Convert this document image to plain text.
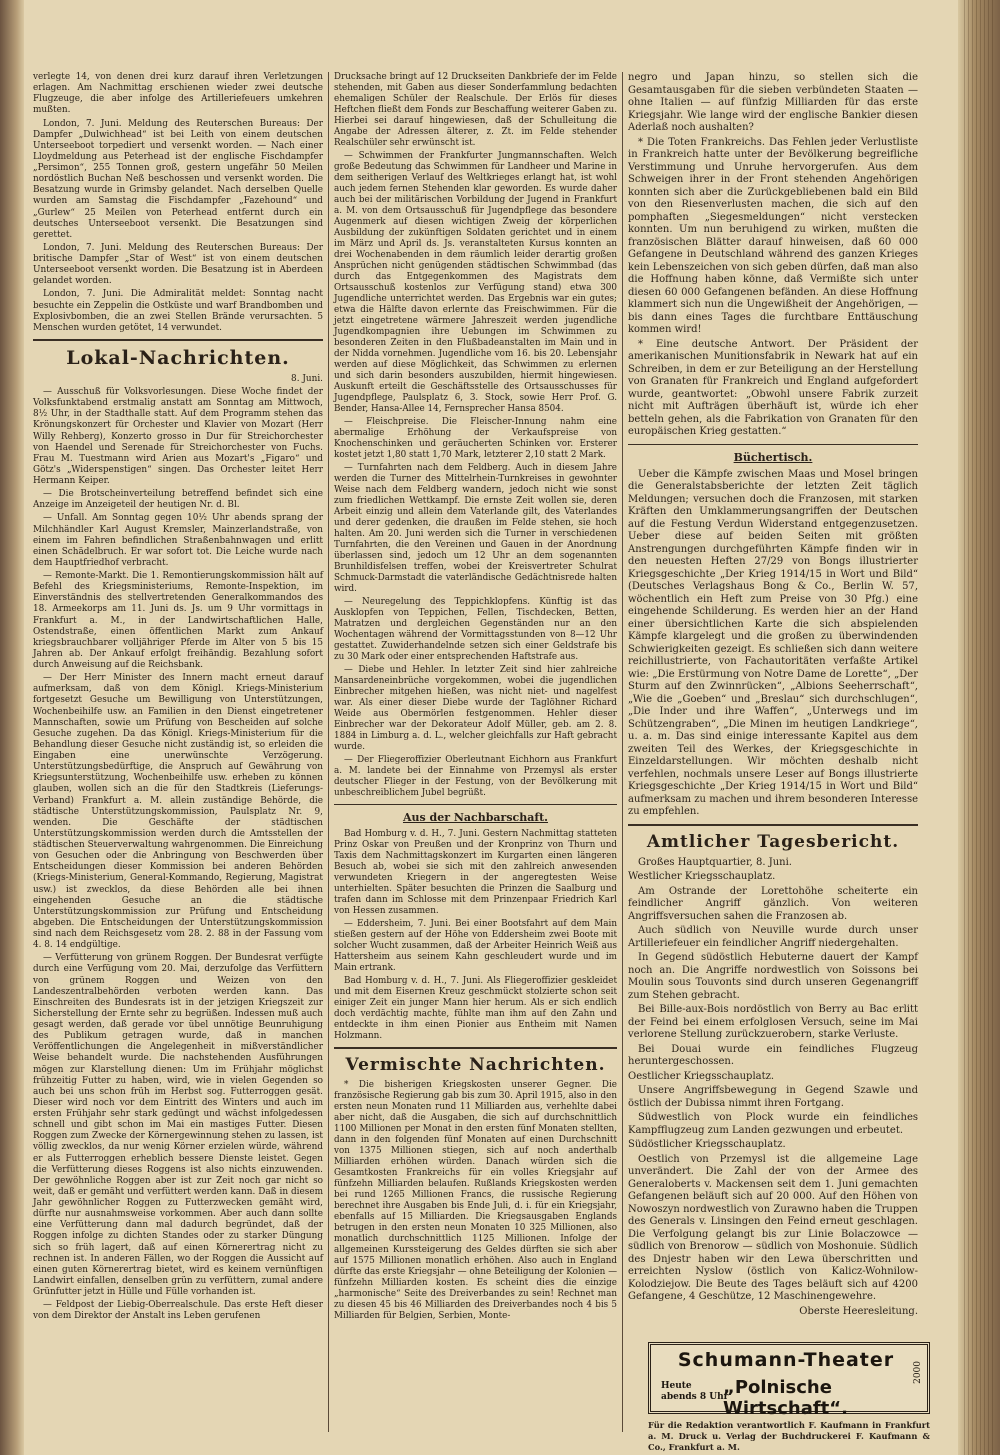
verlegte 14, von denen drei kurz darauf ihren Verletzungen erlagen. Am Nachmittag erschienen wieder zwei deutsche Flugzeuge, die aber infolge des Artilleriefeuers umkehren mußten.

London, 7. Juni. Meldung des Reuterschen Bureaus: Der Dampfer „Dulwichhead“ ist bei Leith von einem deutschen Unterseeboot torpediert und versenkt worden. — Nach einer Lloydmeldung aus Peterhead ist der englische Fischdampfer „Persimon“, 255 Tonnen groß, gestern ungefähr 50 Meilen nordöstlich Buchan Neß beschossen und versenkt worden. Die Besatzung wurde in Grimsby gelandet. Nach derselben Quelle wurden am Samstag die Fischdampfer „Fazehound“ und „Gurlew“ 25 Meilen von Peterhead entfernt durch ein deutsches Unterseeboot versenkt. Die Besatzungen sind gerettet.

London, 7. Juni. Meldung des Reuterschen Bureaus: Der britische Dampfer „Star of West“ ist von einem deutschen Unterseeboot versenkt worden. Die Besatzung ist in Aberdeen gelandet worden.

London, 7. Juni. Die Admiralität meldet: Sonntag nacht besuchte ein Zeppelin die Ostküste und warf Brandbomben und Explosivbomben, die an zwei Stellen Brände verursachten. 5 Menschen wurden getötet, 14 verwundet.

Lokal-Nachrichten.

8. Juni.

— Ausschuß für Volksvorlesungen. Diese Woche findet der Volksfunktabend erstmalig anstatt am Sonntag am Mittwoch, 8½ Uhr, in der Stadthalle statt. Auf dem Programm stehen das Krönungskonzert für Orchester und Klavier von Mozart (Herr Willy Rehberg), Konzerto grosso in Dur für Streichorchester von Haendel und Serenade für Streichorchester von Fuchs. Frau M. Tuestmann wird Arien aus Mozart's „Figaro“ und Götz's „Widerspenstigen“ singen. Das Orchester leitet Herr Hermann Keiper.

— Die Brotscheinverteilung betreffend befindet sich eine Anzeige im Anzeigeteil der heutigen Nr. d. Bl.

— Unfall. Am Sonntag gegen 10½ Uhr abends sprang der Milchhändler Karl August Kremsler, Mainzerlandstraße, von einem im Fahren befindlichen Straßenbahnwagen und erlitt einen Schädelbruch. Er war sofort tot. Die Leiche wurde nach dem Hauptfriedhof verbracht.

— Remonte-Markt. Die 1. Remontierungskommission hält auf Befehl des Kriegsministeriums, Remonte-Inspektion, im Einverständnis des stellvertretenden Generalkommandos des 18. Armeekorps am 11. Juni ds. Js. um 9 Uhr vormittags in Frankfurt a. M., in der Landwirtschaftlichen Halle, Ostendstraße, einen öffentlichen Markt zum Ankauf kriegsbrauchbarer volljähriger Pferde im Alter von 5 bis 15 Jahren ab. Der Ankauf erfolgt freihändig. Bezahlung sofort durch Anweisung auf die Reichsbank.

— Der Herr Minister des Innern macht erneut darauf aufmerksam, daß von dem Königl. Kriegs-Ministerium fortgesetzt Gesuche um Bewilligung von Unterstützungen, Wochenbeihilfe usw. an Familien in den Dienst eingetretener Mannschaften, sowie um Prüfung von Bescheiden auf solche Gesuche zugehen. Da das Königl. Kriegs-Ministerium für die Behandlung dieser Gesuche nicht zuständig ist, so erleiden die Eingaben eine unerwünschte Verzögerung. Unterstützungsbedürftige, die Anspruch auf Gewährung von Kriegsunterstützung, Wochenbeihilfe usw. erheben zu können glauben, wollen sich an die für den Stadtkreis (Lieferungs-Verband) Frankfurt a. M. allein zuständige Behörde, die städtische Unterstützungskommission, Paulsplatz Nr. 9, wenden. Die Geschäfte der städtischen Unterstützungskommission werden durch die Amtsstellen der städtischen Steuerverwaltung wahrgenommen. Die Einreichung von Gesuchen oder die Anbringung von Beschwerden über Entscheidungen dieser Kommission bei anderen Behörden (Kriegs-Ministerium, General-Kommando, Regierung, Magistrat usw.) ist zwecklos, da diese Behörden alle bei ihnen eingehenden Gesuche an die städtische Unterstützungskommission zur Prüfung und Entscheidung abgeben. Die Entscheidungen der Unterstützungskommission sind nach dem Reichsgesetz vom 28. 2. 88 in der Fassung vom 4. 8. 14 endgültige.

— Verfütterung von grünem Roggen. Der Bundesrat verfügte durch eine Verfügung vom 20. Mai, derzufolge das Verfüttern von grünem Roggen und Weizen von den Landeszentralbehörden verboten werden kann. Das Einschreiten des Bundesrats ist in der jetzigen Kriegszeit zur Sicherstellung der Ernte sehr zu begrüßen. Indessen muß auch gesagt werden, daß gerade vor übel unnötige Beunruhigung des Publikum getragen wurde, daß in manchen Veröffentlichungen die Angelegenheit in mißverständlicher Weise behandelt wurde. Die nachstehenden Ausführungen mögen zur Klarstellung dienen: Um im Frühjahr möglichst frühzeitig Futter zu haben, wird, wie in vielen Gegenden so auch bei uns schon früh im Herbst sog. Futterroggen gesät. Dieser wird noch vor dem Eintritt des Winters und auch im ersten Frühjahr sehr stark gedüngt und wächst infolgedessen schnell und gibt schon im Mai ein mastiges Futter. Diesen Roggen zum Zwecke der Körnergewinnung stehen zu lassen, ist völlig zwecklos, da nur wenig Körner erzielen würde, während er als Futterroggen erheblich bessere Dienste leistet. Gegen die Verfütterung dieses Roggens ist also nichts einzuwenden. Der gewöhnliche Roggen aber ist zur Zeit noch gar nicht so weit, daß er gemäht und verfüttert werden kann. Daß in diesem Jahr gewöhnlicher Roggen zu Futterzwecken gemäht wird, dürfte nur ausnahmsweise vorkommen. Aber auch dann sollte eine Verfütterung dann mal dadurch begründet, daß der Roggen infolge zu dichten Standes oder zu starker Düngung sich so früh lagert, daß auf einen Körnerertrag nicht zu rechnen ist. In anderen Fällen, wo der Roggen die Aussicht auf einen guten Körnerertrag bietet, wird es keinem vernünftigen Landwirt einfallen, denselben grün zu verfüttern, zumal andere Grünfutter jetzt in Hülle und Fülle vorhanden ist.

— Feldpost der Liebig-Oberrealschule. Das erste Heft dieser von dem Direktor der Anstalt ins Leben gerufenen

Drucksache bringt auf 12 Druckseiten Dankbriefe der im Felde stehenden, mit Gaben aus dieser Sonderfammlung bedachten ehemaligen Schüler der Realschule. Der Erlös für dieses Heftchen fließt dem Fonds zur Beschaffung weiterer Gaben zu. Hierbei sei darauf hingewiesen, daß der Schulleitung die Angabe der Adressen älterer, z. Zt. im Felde stehender Realschüler sehr erwünscht ist.

— Schwimmen der Frankfurter Jungmannschaften. Welch große Bedeutung das Schwimmen für Landheer und Marine in dem seitherigen Verlauf des Weltkrieges erlangt hat, ist wohl auch jedem fernen Stehenden klar geworden. Es wurde daher auch bei der militärischen Vorbildung der Jugend in Frankfurt a. M. von dem Ortsausschuß für Jugendpflege das besondere Augenmerk auf diesen wichtigen Zweig der körperlichen Ausbildung der zukünftigen Soldaten gerichtet und in einem im März und April ds. Js. veranstalteten Kursus konnten an drei Wochenabenden in dem räumlich leider derartig großen Ansprüchen nicht genügenden städtischen Schwimmbad (das durch das Entgegenkommen des Magistrats dem Ortsausschuß kostenlos zur Verfügung stand) etwa 300 Jugendliche unterrichtet werden. Das Ergebnis war ein gutes; etwa die Hälfte davon erlernte das Freischwimmen. Für die jetzt eingetretene wärmere Jahreszeit werden jugendliche Jugendkompagnien ihre Uebungen im Schwimmen zu besonderen Zeiten in den Flußbadeanstalten im Main und in der Nidda vornehmen. Jugendliche vom 16. bis 20. Lebensjahr werden auf diese Möglichkeit, das Schwimmen zu erlernen und sich darin besonders auszubilden, hiermit hingewiesen. Auskunft erteilt die Geschäftsstelle des Ortsausschusses für Jugendpflege, Paulsplatz 6, 3. Stock, sowie Herr Prof. G. Bender, Hansa-Allee 14, Fernsprecher Hansa 8504.

— Fleischpreise. Die Fleischer-Innung nahm eine abermalige Erhöhung der Verkaufspreise von Knochenschinken und geräucherten Schinken vor. Ersterer kostet jetzt 1,80 statt 1,70 Mark, letzterer 2,10 statt 2 Mark.

— Turnfahrten nach dem Feldberg. Auch in diesem Jahre werden die Turner des Mittelrhein-Turnkreises in gewohnter Weise nach dem Feldberg wandern, jedoch nicht wie sonst zum friedlichen Wettkampf. Die ernste Zeit wollen sie, deren Arbeit einzig und allein dem Vaterlande gilt, des Vaterlandes und derer gedenken, die draußen im Felde stehen, sie hoch halten. Am 20. Juni werden sich die Turner in verschiedenen Turnfahrten, die den Vereinen und Gauen in der Anordnung überlassen sind, jedoch um 12 Uhr an dem sogenannten Brunhildisfelsen treffen, wobei der Kreisvertreter Schulrat Schmuck-Darmstadt die vaterländische Gedächtnisrede halten wird.

— Neuregelung des Teppichklopfens. Künftig ist das Ausklopfen von Teppichen, Fellen, Tischdecken, Betten, Matratzen und dergleichen Gegenständen nur an den Wochentagen während der Vormittagsstunden von 8—12 Uhr gestattet. Zuwiderhandelnde setzen sich einer Geldstrafe bis zu 30 Mark oder einer entsprechenden Haftstrafe aus.

— Diebe und Hehler. In letzter Zeit sind hier zahlreiche Mansardeneinbrüche vorgekommen, wobei die jugendlichen Einbrecher mitgehen hießen, was nicht niet- und nagelfest war. Als einer dieser Diebe wurde der Taglöhner Richard Weide aus Obermörlen festgenommen. Hehler dieser Einbrecher war der Dekorateur Adolf Müller, geb. am 2. 8. 1884 in Limburg a. d. L., welcher gleichfalls zur Haft gebracht wurde.

— Der Fliegeroffizier Oberleutnant Eichhorn aus Frankfurt a. M. landete bei der Einnahme von Przemysl als erster deutscher Flieger in der Festung, von der Bevölkerung mit unbeschreiblichem Jubel begrüßt.

Aus der Nachbarschaft.

Bad Homburg v. d. H., 7. Juni. Gestern Nachmittag statteten Prinz Oskar von Preußen und der Kronprinz von Thurn und Taxis dem Nachmittagskonzert im Kurgarten einen längeren Besuch ab, wobei sie sich mit den zahlreich anwesenden verwundeten Kriegern in der angeregtesten Weise unterhielten. Später besuchten die Prinzen die Saalburg und trafen dann im Schlosse mit dem Prinzenpaar Friedrich Karl von Hessen zusammen.

— Eddersheim, 7. Juni. Bei einer Bootsfahrt auf dem Main stießen gestern auf der Höhe von Eddersheim zwei Boote mit solcher Wucht zusammen, daß der Arbeiter Heinrich Weiß aus Hattersheim aus seinem Kahn geschleudert wurde und im Main ertrank.

Bad Homburg v. d. H., 7. Juni. Als Fliegeroffizier geskleidet und mit dem Eisernen Kreuz geschmückt stolzierte schon seit einiger Zeit ein junger Mann hier herum. Als er sich endlich doch verdächtig machte, fühlte man ihm auf den Zahn und entdeckte in ihm einen Pionier aus Entheim mit Namen Holzmann.

Vermischte Nachrichten.

* Die bisherigen Kriegskosten unserer Gegner. Die französische Regierung gab bis zum 30. April 1915, also in den ersten neun Monaten rund 11 Milliarden aus, verhehlte dabei aber nicht, daß die Ausgaben, die sich auf durchschnittlich 1100 Millionen per Monat in den ersten fünf Monaten stellten, dann in den folgenden fünf Monaten auf einen Durchschnitt von 1375 Millionen stiegen, sich auf noch anderthalb Milliarden erhöhen würden. Danach würden sich die Gesamtkosten Frankreichs für ein volles Kriegsjahr auf fünfzehn Milliarden belaufen. Rußlands Kriegskosten werden bei rund 1265 Millionen Francs, die russische Regierung berechnet ihre Ausgaben bis Ende Juli, d. i. für ein Kriegsjahr, ebenfalls auf 15 Milliarden. Die Kriegsausgaben Englands betrugen in den ersten neun Monaten 10 325 Millionen, also monatlich durchschnittlich 1125 Millionen. Infolge der allgemeinen Kurssteigerung des Geldes dürften sie sich aber auf 1575 Millionen monatlich erhöhen. Also auch in England dürfte das erste Kriegsjahr — ohne Beteiligung der Kolonien — fünfzehn Milliarden kosten. Es scheint dies die einzige „harmonische“ Seite des Dreiverbandes zu sein! Rechnet man zu diesen 45 bis 46 Milliarden des Dreiverbandes noch 4 bis 5 Milliarden für Belgien, Serbien, Monte-

negro und Japan hinzu, so stellen sich die Gesamtausgaben für die sieben verbündeten Staaten — ohne Italien — auf fünfzig Milliarden für das erste Kriegsjahr. Wie lange wird der englische Bankier diesen Aderlaß noch aushalten?

* Die Toten Frankreichs. Das Fehlen jeder Verlustliste in Frankreich hatte unter der Bevölkerung begreifliche Verstimmung und Unruhe hervorgerufen. Aus dem Schweigen ihrer in der Front stehenden Angehörigen konnten sich aber die Zurückgebliebenen bald ein Bild von den Riesenverlusten machen, die sich auf den pomphaften „Siegesmeldungen“ nicht verstecken konnten. Um nun beruhigend zu wirken, mußten die französischen Blätter darauf hinweisen, daß 60 000 Gefangene in Deutschland während des ganzen Krieges kein Lebenszeichen von sich geben dürfen, daß man also die Hoffnung haben könne, daß Vermißte sich unter diesen 60 000 Gefangenen befänden. An diese Hoffnung klammert sich nun die Ungewißheit der Angehörigen, — bis dann eines Tages die furchtbare Enttäuschung kommen wird!

* Eine deutsche Antwort. Der Präsident der amerikanischen Munitionsfabrik in Newark hat auf ein Schreiben, in dem er zur Beteiligung an der Herstellung von Granaten für Frankreich und England aufgefordert wurde, geantwortet: „Obwohl unsere Fabrik zurzeit nicht mit Aufträgen überhäuft ist, würde ich eher betteln gehen, als die Fabrikation von Granaten für den europäischen Krieg gestatten.“

Büchertisch.

Ueber die Kämpfe zwischen Maas und Mosel bringen die Generalstabsberichte der letzten Zeit täglich Meldungen; versuchen doch die Franzosen, mit starken Kräften den Umklammerungsangriffen der Deutschen auf die Festung Verdun Widerstand entgegenzusetzen. Ueber diese auf beiden Seiten mit größten Anstrengungen durchgeführten Kämpfe finden wir in den neuesten Heften 27/29 von Bongs illustrierter Kriegsgeschichte „Der Krieg 1914/15 in Wort und Bild“ (Deutsches Verlagshaus Bong & Co., Berlin W. 57, wöchentlich ein Heft zum Preise von 30 Pfg.) eine eingehende Schilderung. Es werden hier an der Hand einer übersichtlichen Karte die sich abspielenden Kämpfe klargelegt und die großen zu überwindenden Schwierigkeiten gezeigt. Es schließen sich dann weitere reichillustrierte, von Fachautoritäten verfaßte Artikel wie: „Die Erstürmung von Notre Dame de Lorette“, „Der Sturm auf den Zwinnrücken“, „Albions Seeherrschaft“, „Wie die „Goeben“ und „Breslau“ sich durchschlugen“, „Die Inder und ihre Waffen“, „Unterwegs und im Schützengraben“, „Die Minen im heutigen Landkriege“, u. a. m. Das sind einige interessante Kapitel aus dem zweiten Teil des Werkes, der Kriegsgeschichte in Einzeldarstellungen. Wir möchten deshalb nicht verfehlen, nochmals unsere Leser auf Bongs illustrierte Kriegsgeschichte „Der Krieg 1914/15 in Wort und Bild“ aufmerksam zu machen und ihrem besonderen Interesse zu empfehlen.

Amtlicher Tagesbericht.

Großes Hauptquartier, 8. Juni.

Westlicher Kriegsschauplatz.

Am Ostrande der Lorettohöhe scheiterte ein feindlicher Angriff gänzlich. Von weiteren Angriffsversuchen sahen die Franzosen ab.

Auch südlich von Neuville wurde durch unser Artilleriefeuer ein feindlicher Angriff niedergehalten.

In Gegend südöstlich Hebuterne dauert der Kampf noch an. Die Angriffe nordwestlich von Soissons bei Moulin sous Touvonts sind durch unseren Gegenangriff zum Stehen gebracht.

Bei Bille-aux-Bois nordöstlich von Berry au Bac erlitt der Feind bei einem erfolglosen Versuch, seine im Mai verlorene Stellung zurückzuerobern, starke Verluste.

Bei Douai wurde ein feindliches Flugzeug heruntergeschossen.

Oestlicher Kriegsschauplatz.

Unsere Angriffsbewegung in Gegend Szawle und östlich der Dubissa nimmt ihren Fortgang.

Südwestlich von Plock wurde ein feindliches Kampfflugzeug zum Landen gezwungen und erbeutet.

Südöstlicher Kriegsschauplatz.

Oestlich von Przemysl ist die allgemeine Lage unverändert. Die Zahl der von der Armee des Generaloberts v. Mackensen seit dem 1. Juni gemachten Gefangenen beläuft sich auf 20 000. Auf den Höhen von Nowoszyn nordwestlich von Zurawno haben die Truppen des Generals v. Linsingen den Feind erneut geschlagen. Die Verfolgung gelangt bis zur Linie Bolaczowce — südlich von Brenorow — südlich von Moshonuie. Südlich des Dnjestr haben wir den Lewa überschritten und erreichten Nyslow (östlich von Kalicz-Wohnilow-Kolodziejow. Die Beute des Tages beläuft sich auf 4200 Gefangene, 4 Geschütze, 12 Maschinengewehre.

Oberste Heeresleitung.

Schumann-Theater
Heute
abends 8 Uhr
„Polnische Wirtschaft“.
2000
Für die Redaktion verantwortlich F. Kaufmann in Frankfurt a. M. Druck u. Verlag der Buchdruckerei F. Kaufmann & Co., Frankfurt a. M.
